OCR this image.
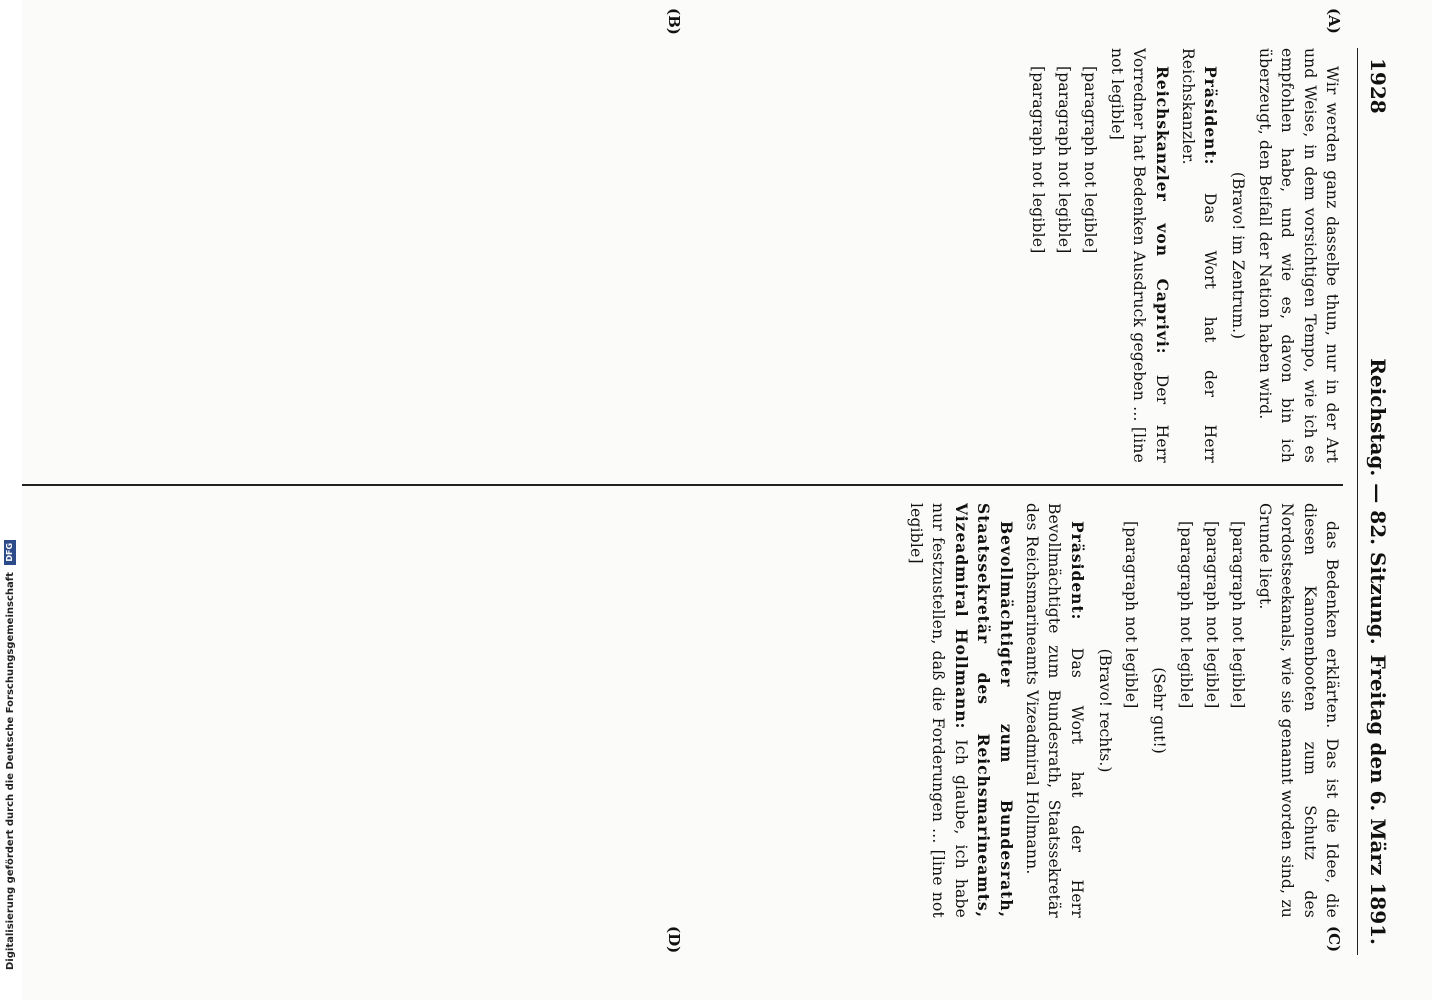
1928
Reichstag. — 82. Sitzung.
Freitag den 6. März 1891.
(A)
(B)
(C)
(D)

Wir werden ganz dasselbe thun, nur in der Art und Weise, in dem vorsichtigen Tempo, wie ich es empfohlen habe, und wie es, davon bin ich überzeugt, den Beifall der Nation haben wird.

(Bravo! im Zentrum.)

Präsident: Das Wort hat der Herr Reichskanzler.

Reichskanzler von Caprivi: Der Herr Vorredner hat Bedenken Ausdruck gegeben ... [line not legible]

[paragraph not legible]

[paragraph not legible]

[paragraph not legible]

das Bedenken erklärten. Das ist die Idee, die diesen Kanonenbooten zum Schutz des Nordostseekanals, wie sie genannt worden sind, zu Grunde liegt.

[paragraph not legible]

[paragraph not legible]

[paragraph not legible]

(Sehr gut!)

[paragraph not legible]

(Bravo! rechts.)

Präsident: Das Wort hat der Herr Bevollmächtigte zum Bundesrath, Staatssekretär des Reichsmarineamts Vizeadmiral Hollmann.

Bevollmächtigter zum Bundesrath, Staatssekretär des Reichsmarineamts, Vizeadmiral Hollmann: Ich glaube, ich habe nur festzustellen, daß die Forderungen ... [line not legible]

Digitalisierung gefördert durch die Deutsche Forschungsgemeinschaft DFG
